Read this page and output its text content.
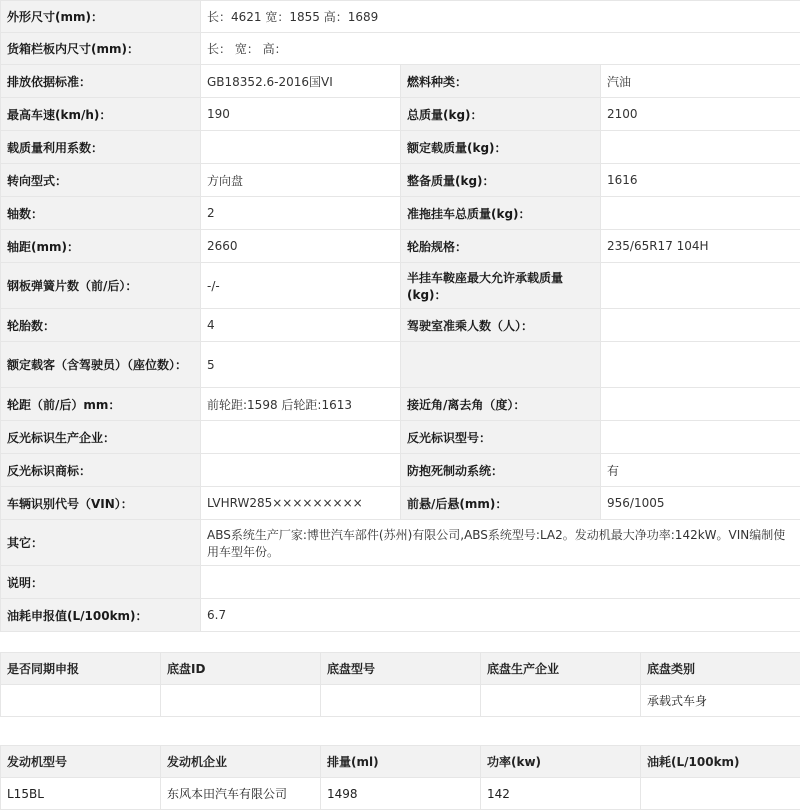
外形尺寸(mm)：	长：4621 宽：1855 高：1689		
货箱栏板内尺寸(mm)：	长： 宽： 高：		
排放依据标准：	GB18352.6-2016国VI	燃料种类：	汽油
最高车速(km/h)：	190	总质量(kg)：	2100
载质量利用系数：		额定载质量(kg)：	
转向型式：	方向盘	整备质量(kg)：	1616
轴数：	2	准拖挂车总质量(kg)：	
轴距(mm)：	2660	轮胎规格：	235/65R17 104H
钢板弹簧片数（前/后）：	-/-	半挂车鞍座最大允许承载质量(kg)：	
轮胎数：	4	驾驶室准乘人数（人）：	
额定载客（含驾驶员）（座位数）：	5		
轮距（前/后）mm：	前轮距:1598 后轮距:1613	接近角/离去角（度）：	
反光标识生产企业：		反光标识型号：	
反光标识商标：		防抱死制动系统：	有
车辆识别代号（VIN）：	LVHRW285×××××××××	前悬/后悬(mm)：	956/1005
其它：	ABS系统生产厂家:博世汽车部件(苏州)有限公司,ABS系统型号:LA2。发动机最大净功率:142kW。VIN编制使用车型年份。		
说明：			
油耗申报值(L/100km)：	6.7		
是否同期申报	底盘ID	底盘型号	底盘生产企业	底盘类别
				承载式车身
发动机型号	发动机企业	排量(ml)	功率(kw)	油耗(L/100km)
L15BL	东风本田汽车有限公司	1498	142	
